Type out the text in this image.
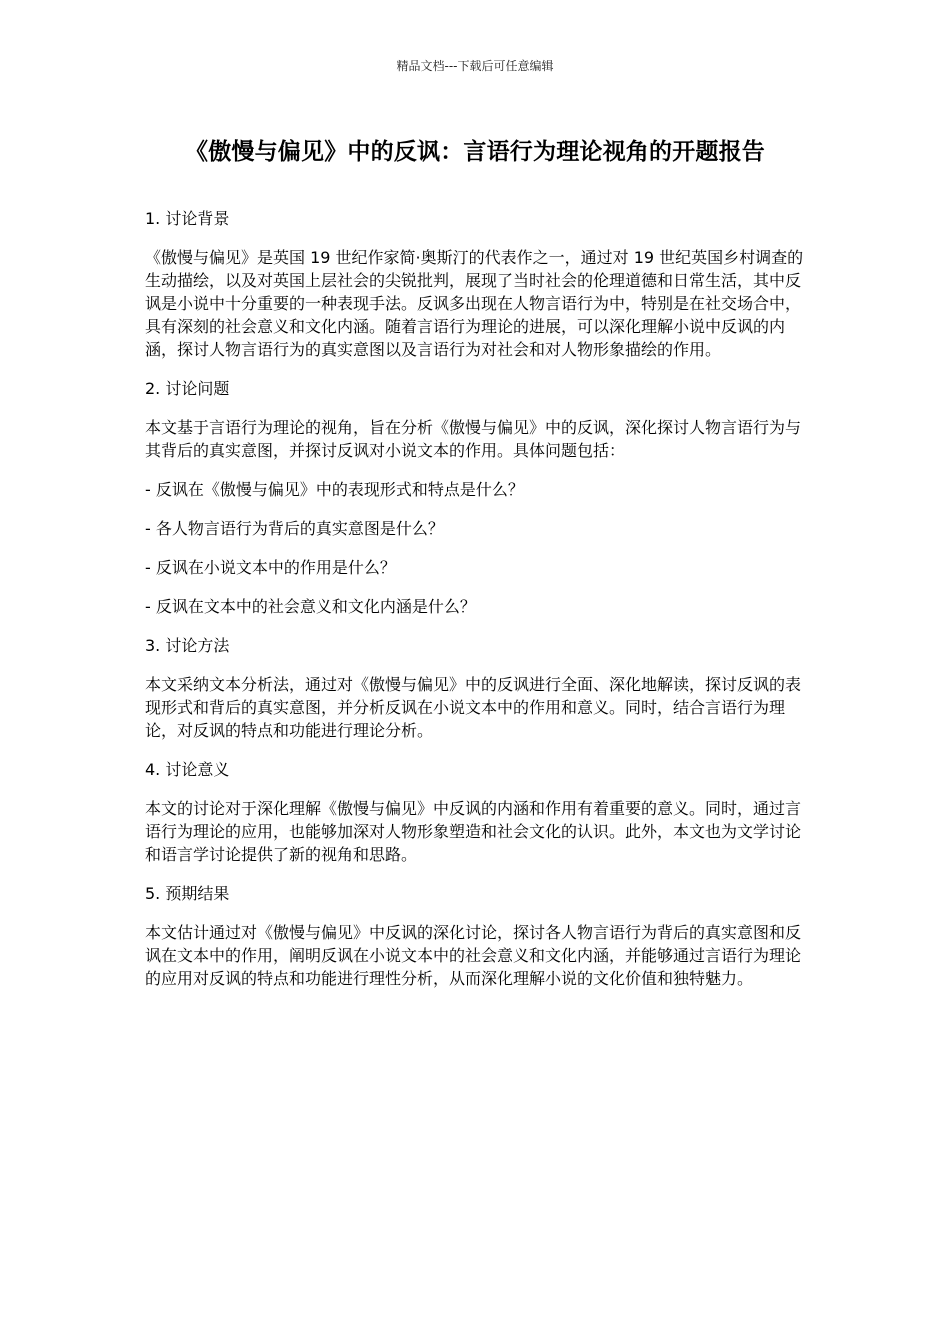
精品文档---下载后可任意编辑
《傲慢与偏见》中的反讽：言语行为理论视角的开题报告

1. 讨论背景

《傲慢与偏见》是英国 19 世纪作家简·奥斯汀的代表作之一，通过对 19 世纪英国乡村调查的生动描绘，以及对英国上层社会的尖锐批判，展现了当时社会的伦理道德和日常生活，其中反讽是小说中十分重要的一种表现手法。反讽多出现在人物言语行为中，特别是在社交场合中，具有深刻的社会意义和文化内涵。随着言语行为理论的进展，可以深化理解小说中反讽的内涵，探讨人物言语行为的真实意图以及言语行为对社会和对人物形象描绘的作用。

2. 讨论问题

本文基于言语行为理论的视角，旨在分析《傲慢与偏见》中的反讽，深化探讨人物言语行为与其背后的真实意图，并探讨反讽对小说文本的作用。具体问题包括：

- 反讽在《傲慢与偏见》中的表现形式和特点是什么？

- 各人物言语行为背后的真实意图是什么？

- 反讽在小说文本中的作用是什么？

- 反讽在文本中的社会意义和文化内涵是什么？

3. 讨论方法

本文采纳文本分析法，通过对《傲慢与偏见》中的反讽进行全面、深化地解读，探讨反讽的表现形式和背后的真实意图，并分析反讽在小说文本中的作用和意义。同时，结合言语行为理论，对反讽的特点和功能进行理论分析。

4. 讨论意义

本文的讨论对于深化理解《傲慢与偏见》中反讽的内涵和作用有着重要的意义。同时，通过言语行为理论的应用，也能够加深对人物形象塑造和社会文化的认识。此外，本文也为文学讨论和语言学讨论提供了新的视角和思路。

5. 预期结果

本文估计通过对《傲慢与偏见》中反讽的深化讨论，探讨各人物言语行为背后的真实意图和反讽在文本中的作用，阐明反讽在小说文本中的社会意义和文化内涵，并能够通过言语行为理论的应用对反讽的特点和功能进行理性分析，从而深化理解小说的文化价值和独特魅力。
